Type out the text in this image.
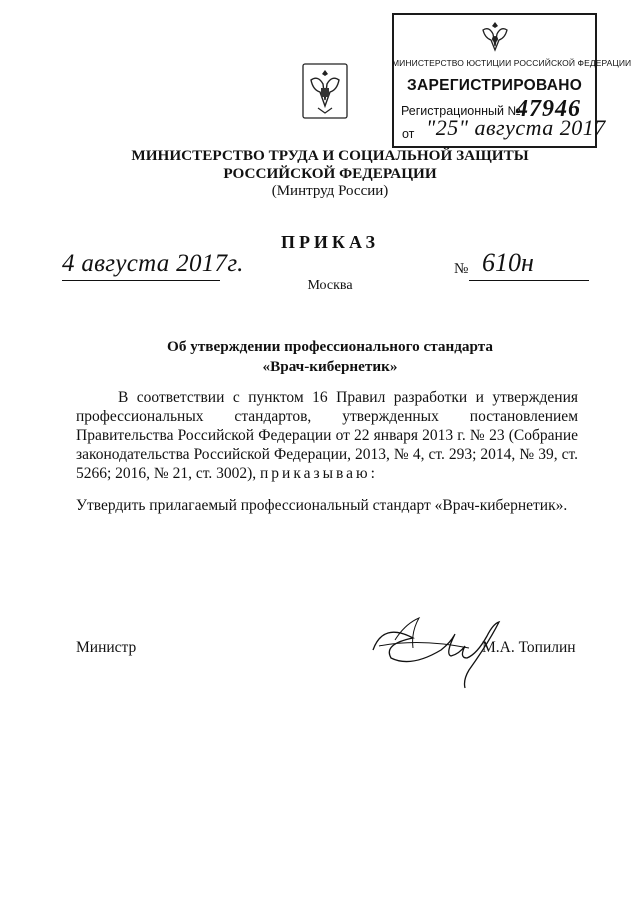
МИНИСТЕРСТВО ЮСТИЦИИ РОССИЙСКОЙ ФЕДЕРАЦИИ
ЗАРЕГИСТРИРОВАНО
Регистрационный №
47946
от "25" августа 2017
МИНИСТЕРСТВО ТРУДА И СОЦИАЛЬНОЙ ЗАЩИТЫ
РОССИЙСКОЙ ФЕДЕРАЦИИ
(Минтруд России)
ПРИКАЗ
4 августа 2017г.	№ 610н
Москва
Об утверждении профессионального стандарта
«Врач-кибернетик»
В соответствии с пунктом 16 Правил разработки и утверждения профессиональных стандартов, утвержденных постановлением Правительства Российской Федерации от 22 января 2013 г. № 23 (Собрание законодательства Российской Федерации, 2013, № 4, ст. 293; 2014, № 39, ст. 5266; 2016, № 21, ст. 3002), приказываю:
Утвердить прилагаемый профессиональный стандарт «Врач-кибернетик».
Министр	М.А. Топилин
